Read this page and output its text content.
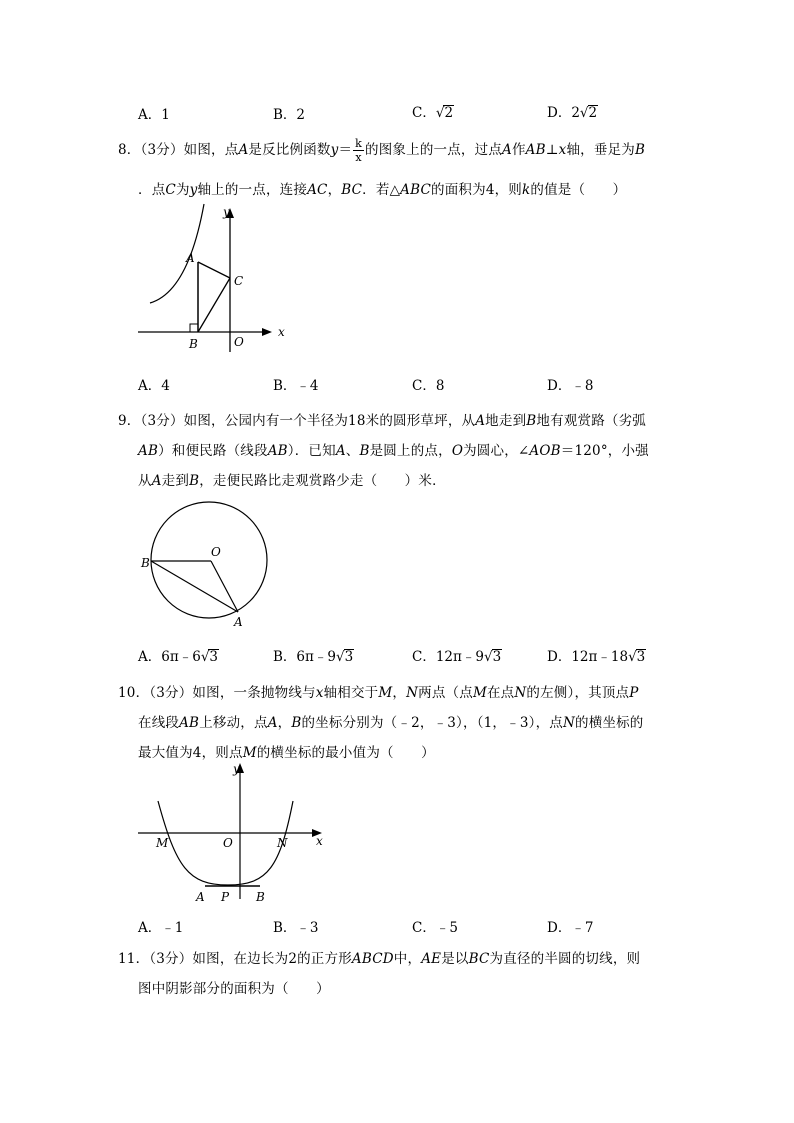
A．1	B．2	C．√2	D．2√2
8．（3分）如图，点A是反比例函数$y= \frac{k}{x}$ 的图象上的一点，过点A作AB⊥x轴，垂足为B
．点C为y轴上的一点，连接AC，BC．若△ABC的面积为4，则k的值是（　　）
y
x
A
C
B	O
A．4	B．﹣4	C．8	D．﹣8
9．（3分）如图，公园内有一个半径为18米的圆形草坪，从A地走到B地有观赏路（劣弧
AB）和便民路（线段AB）．已知A、B是圆上的点，O为圆心，∠AOB＝120°，小强
从A走到B，走便民路比走观赏路少走（　　）米．
B
O
A
A．6π﹣6√3	B．6π﹣9√3	C．12π﹣9√3	D．12π﹣18√3
10．（3分）如图，一条抛物线与x轴相交于M，N两点（点M在点N的左侧），其顶点P
在线段AB上移动，点A，B的坐标分别为（﹣2，﹣3），（1，﹣3），点N的横坐标的
最大值为4，则点M的横坐标的最小值为（　　）
y
x
M	O	N
A P B
A．﹣1	B．﹣3	C．﹣5	D．﹣7
11．（3分）如图，在边长为2的正方形ABCD中，AE是以BC为直径的半圆的切线，则
图中阴影部分的面积为（　　）
